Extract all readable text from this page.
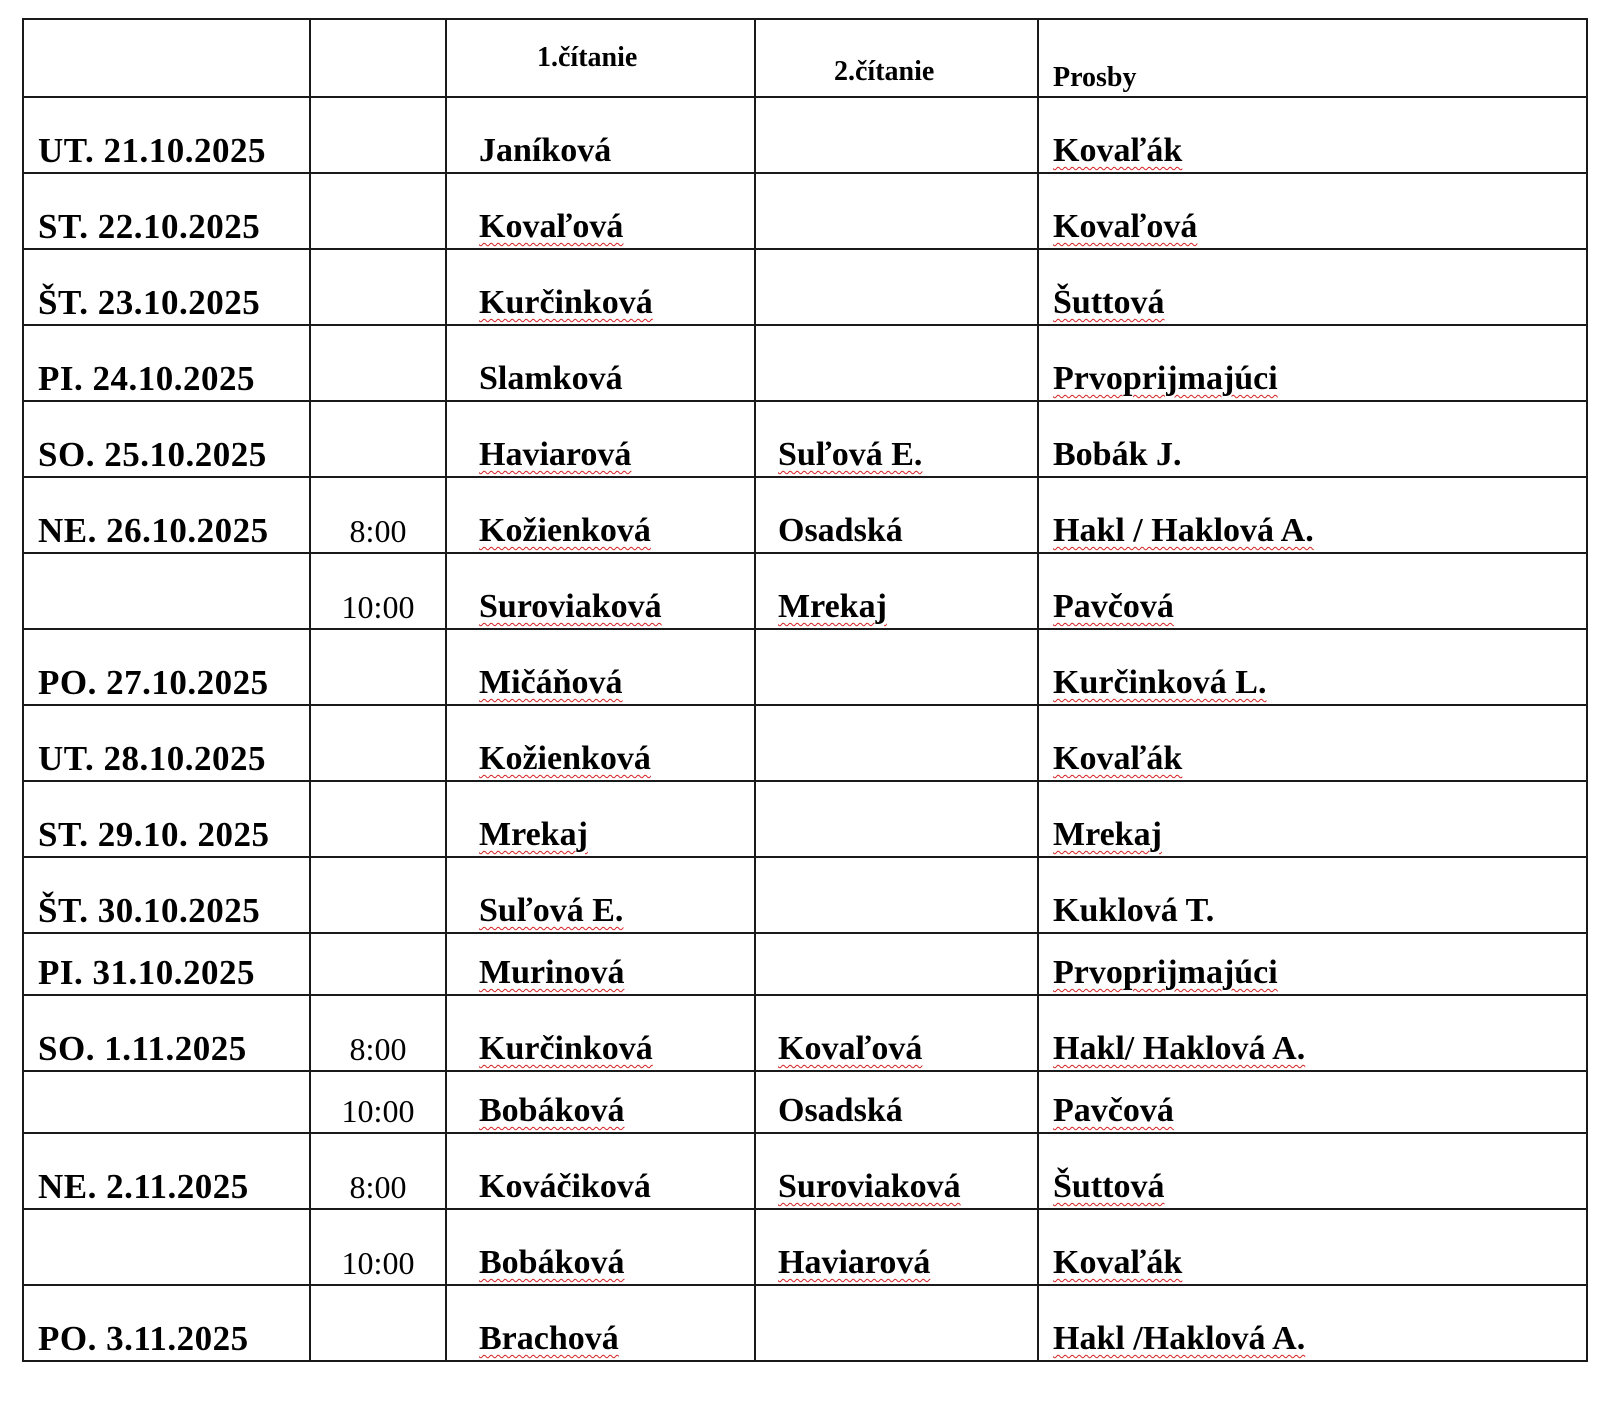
		1.čítanie	2.čítanie	Prosby

UT. 21.10.2025		Janíková		Kovaľák

ST. 22.10.2025		Kovaľová		Kovaľová

ŠT. 23.10.2025		Kurčinková		Šuttová

PI. 24.10.2025		Slamková		Prvoprijmajúci

SO. 25.10.2025		Haviarová	Suľová E.	Bobák J.

NE. 26.10.2025	8:00	Kožienková	Osadská	Hakl / Haklová A.

	10:00	Suroviaková	Mrekaj	Pavčová

PO. 27.10.2025		Mičáňová		Kurčinková L.

UT. 28.10.2025		Kožienková		Kovaľák

ST. 29.10. 2025		Mrekaj		Mrekaj

ŠT. 30.10.2025		Suľová E.		Kuklová T.

PI. 31.10.2025		Murinová		Prvoprijmajúci

SO. 1.11.2025	8:00	Kurčinková	Kovaľová	Hakl/ Haklová A.

	10:00	Bobáková	Osadská	Pavčová

NE. 2.11.2025	8:00	Kováčiková	Suroviaková	Šuttová

	10:00	Bobáková	Haviarová	Kovaľák

PO. 3.11.2025		Brachová		Hakl /Haklová A.
